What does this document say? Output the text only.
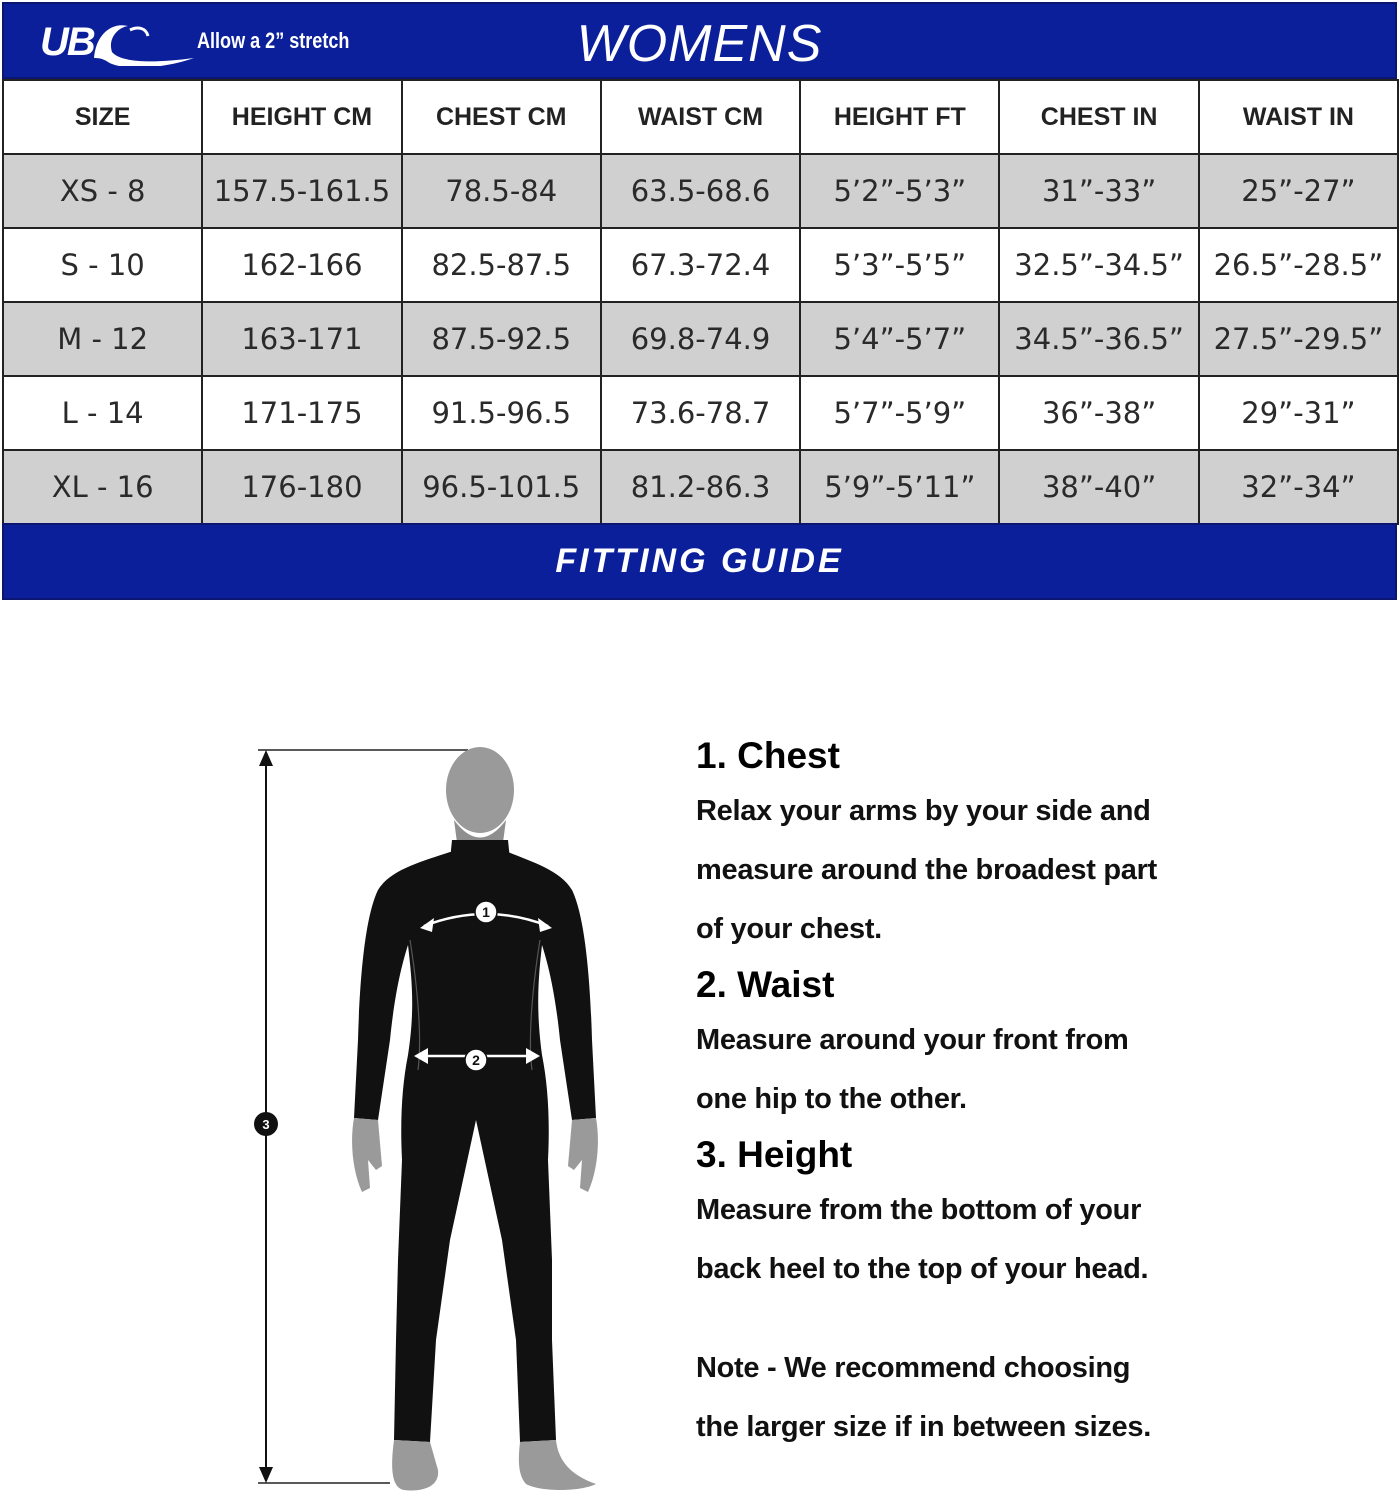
UB	Allow a 2” stretch	WOMENS
SIZE	HEIGHT CM	CHEST CM	WAIST CM	HEIGHT FT	CHEST IN	WAIST IN
XS - 8	157.5-161.5	78.5-84	63.5-68.6	5’2”-5’3”	31”-33”	25”-27”
S - 10	162-166	82.5-87.5	67.3-72.4	5’3”-5’5”	32.5”-34.5”	26.5”-28.5”
M - 12	163-171	87.5-92.5	69.8-74.9	5’4”-5’7”	34.5”-36.5”	27.5”-29.5”
L - 14	171-175	91.5-96.5	73.6-78.7	5’7”-5’9”	36”-38”	29”-31”
XL - 16	176-180	96.5-101.5	81.2-86.3	5’9”-5’11”	38”-40”	32”-34”
FITTING GUIDE
1
2
3
1. Chest
Relax your arms by your side and
measure around the broadest part
of your chest.
2. Waist
Measure around your front from
one hip to the other.
3. Height
Measure from the bottom of your
back heel to the top of your head.
Note - We recommend choosing
the larger size if in between sizes.
